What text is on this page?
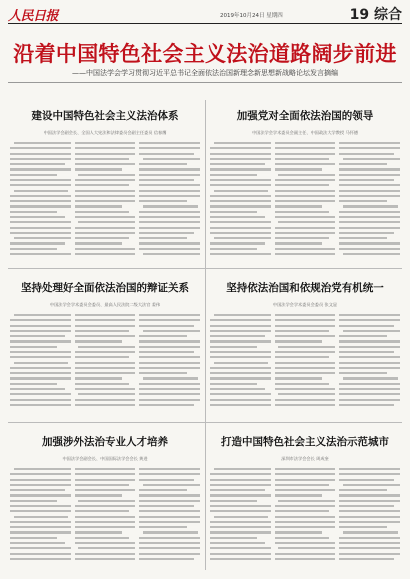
人民日报	2019年10月24日 星期四	19 综合
沿着中国特色社会主义法治道路阔步前进
——中国法学会学习贯彻习近平总书记全面依法治国新理念新思想新战略论坛发言摘编
建设中国特色社会主义法治体系
中国法学会副会长、全国人大宪法和法律委员会副主任委员 信春鹰
加强党对全面依法治国的领导
中国法学会学术委员会副主任、中国政法大学教授 马怀德
坚持处理好全面依法治国的辩证关系
中国法学会学术委员会委员、最高人民法院二级大法官 姜伟
坚持依法治国和依规治党有机统一
中国法学会学术委员会委员 张文显
加强涉外法治专业人才培养
中国法学会副会长、中国国际法学会会长 黄进
打造中国特色社会主义法治示范城市
深圳市法学会会长 周成奎
